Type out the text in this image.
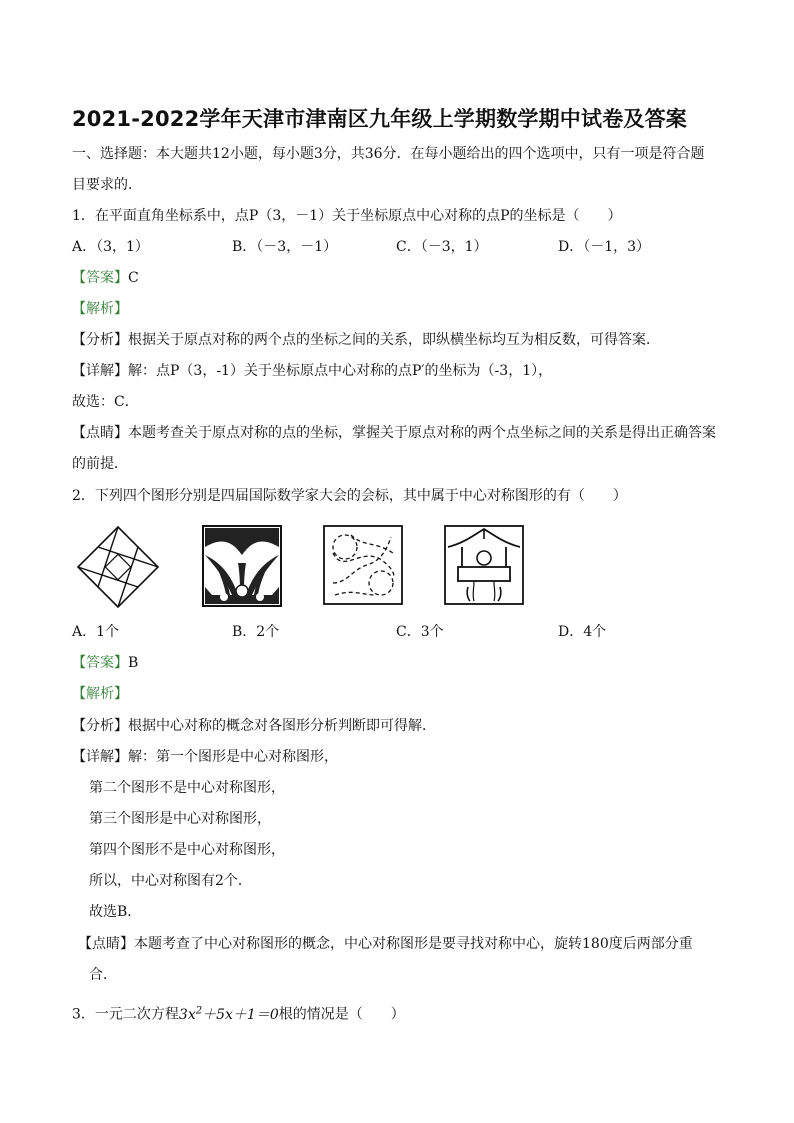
2021-2022学年天津市津南区九年级上学期数学期中试卷及答案
一、选择题：本大题共12小题，每小题3分，共36分．在每小题给出的四个选项中，只有一项是符合题
目要求的．
1．在平面直角坐标系中，点P（3，－1）关于坐标原点中心对称的点P的坐标是（　　）
A．（3，1）	B．（－3，－1）	C．（－3，1）	D．（－1，3）
【答案】C
【解析】
【分析】根据关于原点对称的两个点的坐标之间的关系，即纵横坐标均互为相反数，可得答案．
【详解】解：点P（3，-1）关于坐标原点中心对称的点P′的坐标为（-3，1），
故选：C．
【点睛】本题考查关于原点对称的点的坐标，掌握关于原点对称的两个点坐标之间的关系是得出正确答案
的前提．
2．下列四个图形分别是四届国际数学家大会的会标，其中属于中心对称图形的有（　　）
A．1个	B．2个	C．3个	D．4个
【答案】B
【解析】
【分析】根据中心对称的概念对各图形分析判断即可得解．
【详解】解：第一个图形是中心对称图形，
第二个图形不是中心对称图形，
第三个图形是中心对称图形，
第四个图形不是中心对称图形，
所以，中心对称图有2个．
故选B．
【点睛】本题考查了中心对称图形的概念，中心对称图形是要寻找对称中心，旋转180度后两部分重
合．
3．一元二次方程$3x^2+5x+1=0$根的情况是（　　）
